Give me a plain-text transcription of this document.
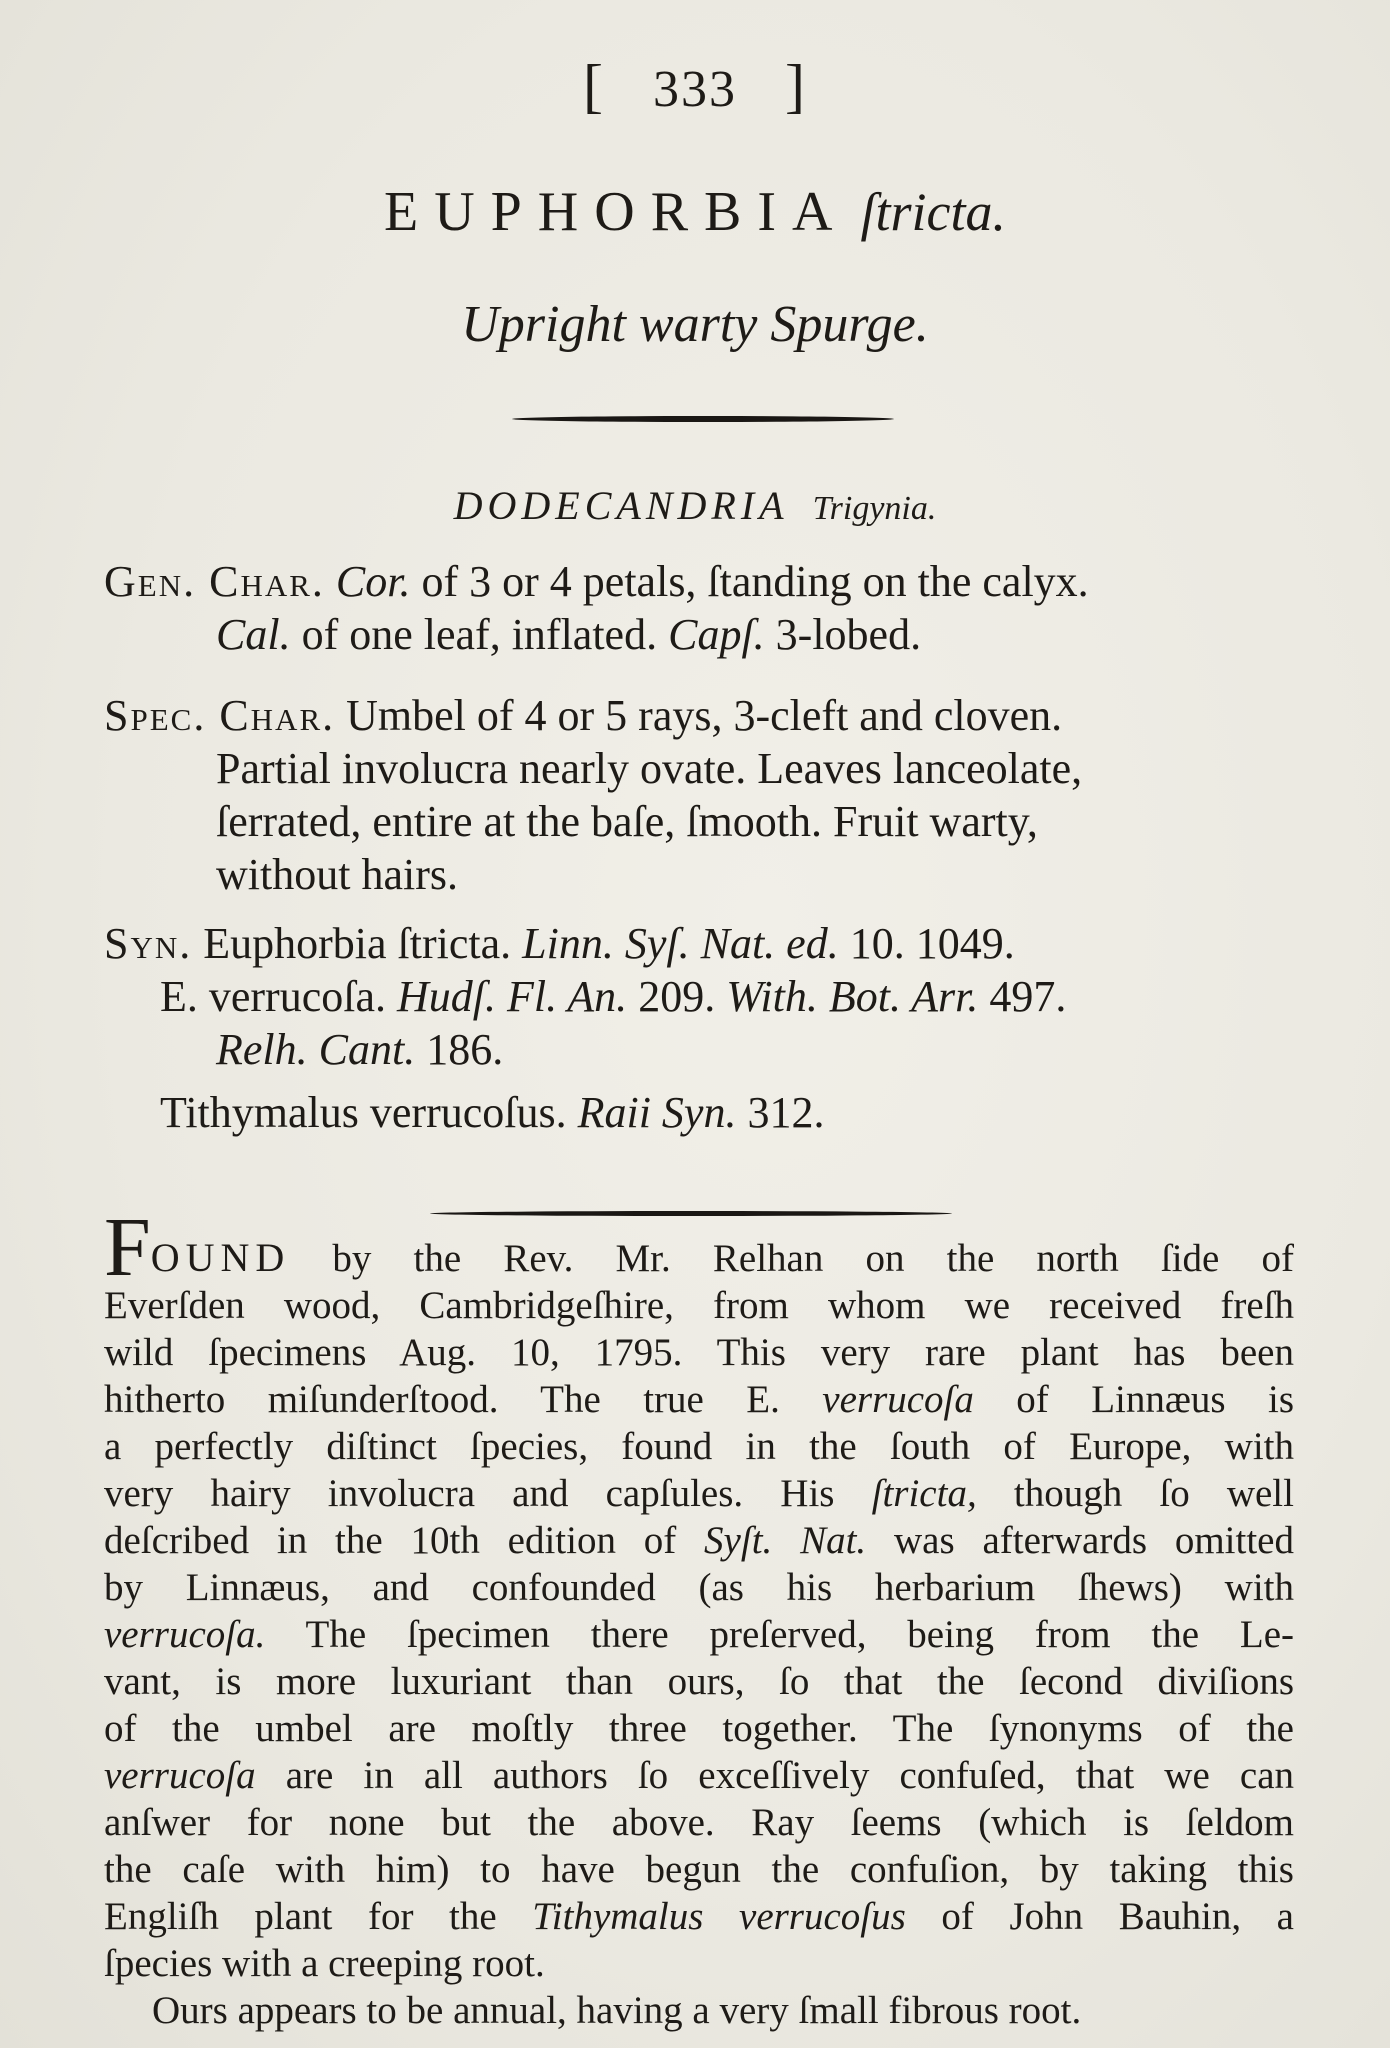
[ 333 ]
EUPHORBIA ſtricta.
Upright warty Spurge.
DODECANDRIA Trigynia.
Gen. Char. Cor. of 3 or 4 petals, ſtanding on the calyx.
Cal. of one leaf, inflated. Capſ. 3-lobed.
Spec. Char. Umbel of 4 or 5 rays, 3-cleft and cloven.
Partial involucra nearly ovate. Leaves lanceolate,
ſerrated, entire at the baſe, ſmooth. Fruit warty,
without hairs.
Syn. Euphorbia ſtricta. Linn. Syſ. Nat. ed. 10. 1049.
E. verrucoſa. Hudſ. Fl. An. 209. With. Bot. Arr. 497.
Relh. Cant. 186.
Tithymalus verrucoſus. Raii Syn. 312.
FOUND by the Rev. Mr. Relhan on the north ſide of
Everſden wood, Cambridgeſhire, from whom we received freſh
wild ſpecimens Aug. 10, 1795. This very rare plant has been
hitherto miſunderſtood. The true E. verrucoſa of Linnæus is
a perfectly diſtinct ſpecies, found in the ſouth of Europe, with
very hairy involucra and capſules. His ſtricta, though ſo well
deſcribed in the 10th edition of Syſt. Nat. was afterwards omitted
by Linnæus, and confounded (as his herbarium ſhews) with
verrucoſa. The ſpecimen there preſerved, being from the Le-
vant, is more luxuriant than ours, ſo that the ſecond diviſions
of the umbel are moſtly three together. The ſynonyms of the
verrucoſa are in all authors ſo exceſſively confuſed, that we can
anſwer for none but the above. Ray ſeems (which is ſeldom
the caſe with him) to have begun the confuſion, by taking this
Engliſh plant for the Tithymalus verrucoſus of John Bauhin, a
ſpecies with a creeping root.
Ours appears to be annual, having a very ſmall fibrous root.
